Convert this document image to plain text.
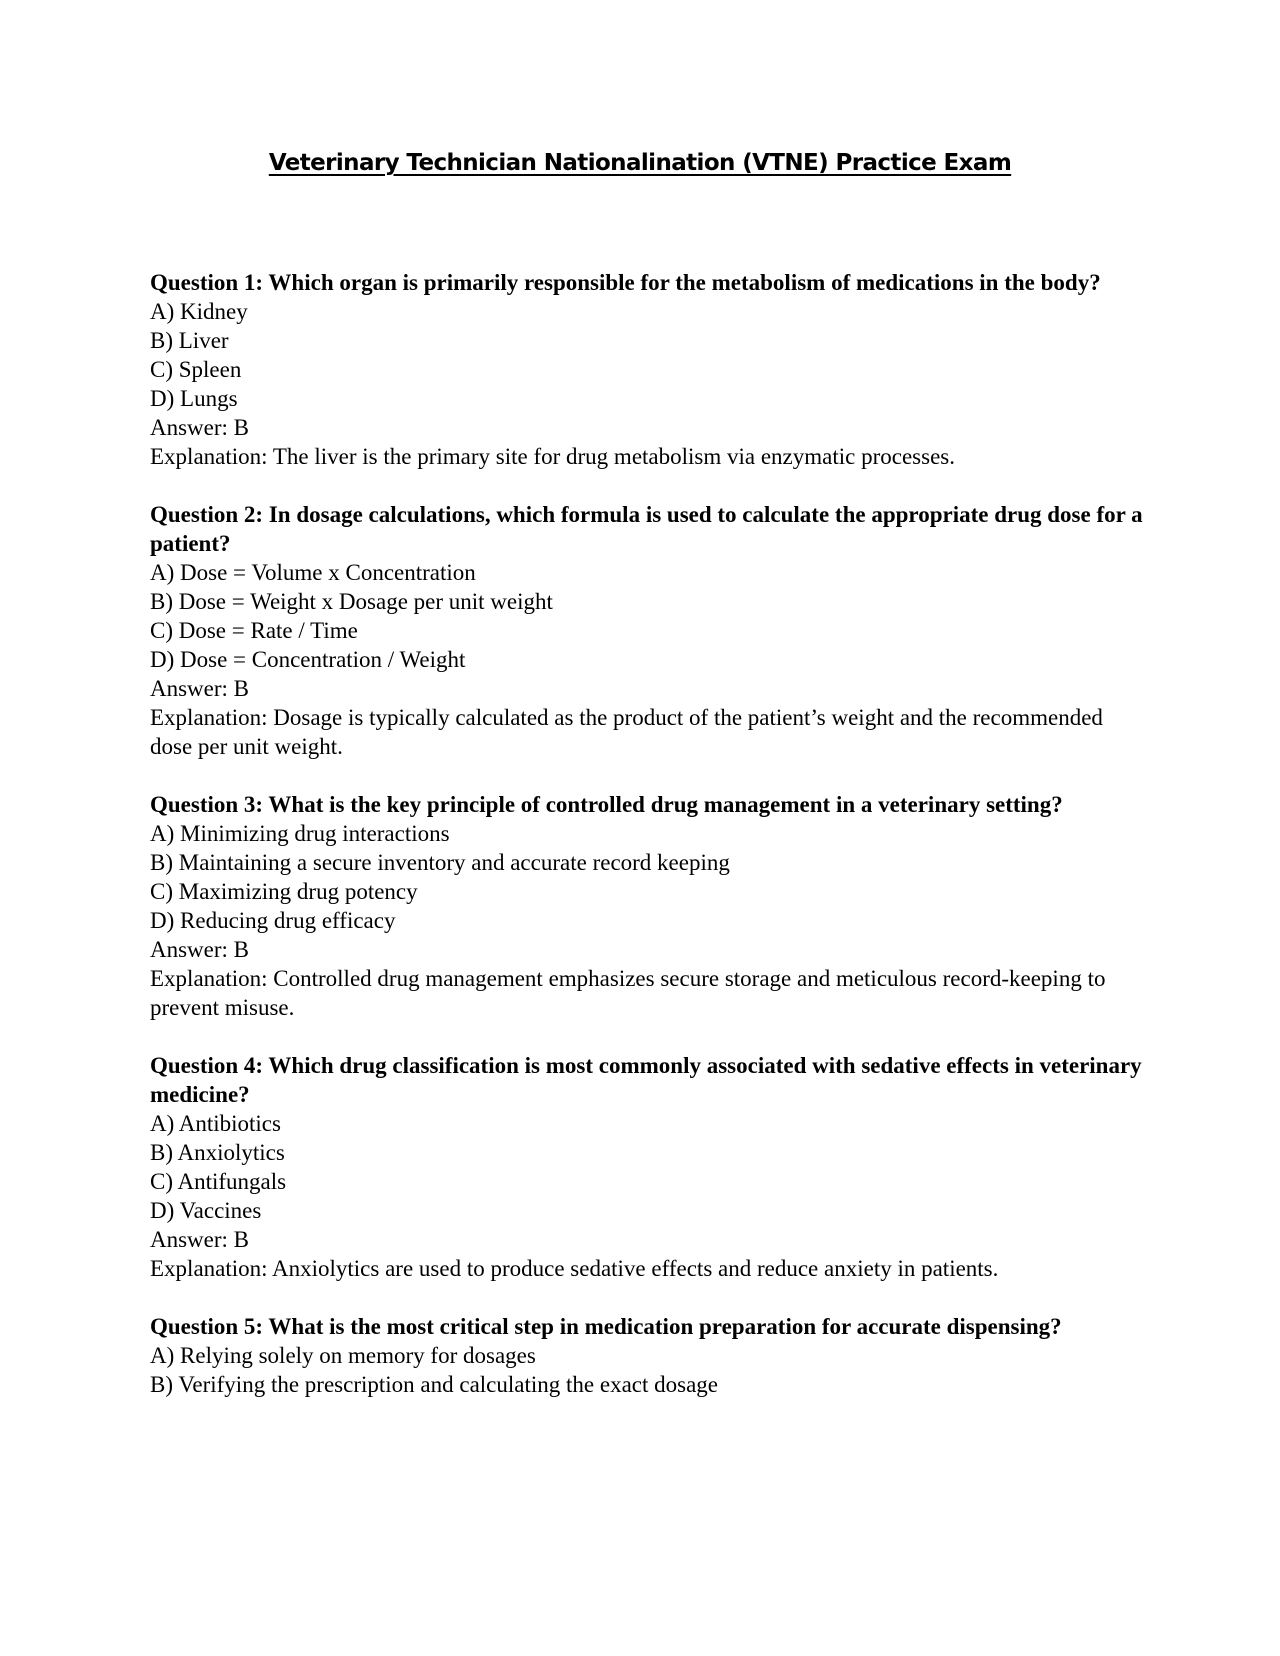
Veterinary Technician Nationalination (VTNE) Practice Exam
Question 1: Which organ is primarily responsible for the metabolism of medications in the body?
A) Kidney
B) Liver
C) Spleen
D) Lungs
Answer: B
Explanation: The liver is the primary site for drug metabolism via enzymatic processes.
Question 2: In dosage calculations, which formula is used to calculate the appropriate drug dose for a patient?
A) Dose = Volume x Concentration
B) Dose = Weight x Dosage per unit weight
C) Dose = Rate / Time
D) Dose = Concentration / Weight
Answer: B
Explanation: Dosage is typically calculated as the product of the patient’s weight and the recommended dose per unit weight.
Question 3: What is the key principle of controlled drug management in a veterinary setting?
A) Minimizing drug interactions
B) Maintaining a secure inventory and accurate record keeping
C) Maximizing drug potency
D) Reducing drug efficacy
Answer: B
Explanation: Controlled drug management emphasizes secure storage and meticulous record-keeping to prevent misuse.
Question 4: Which drug classification is most commonly associated with sedative effects in veterinary medicine?
A) Antibiotics
B) Anxiolytics
C) Antifungals
D) Vaccines
Answer: B
Explanation: Anxiolytics are used to produce sedative effects and reduce anxiety in patients.
Question 5: What is the most critical step in medication preparation for accurate dispensing?
A) Relying solely on memory for dosages
B) Verifying the prescription and calculating the exact dosage
